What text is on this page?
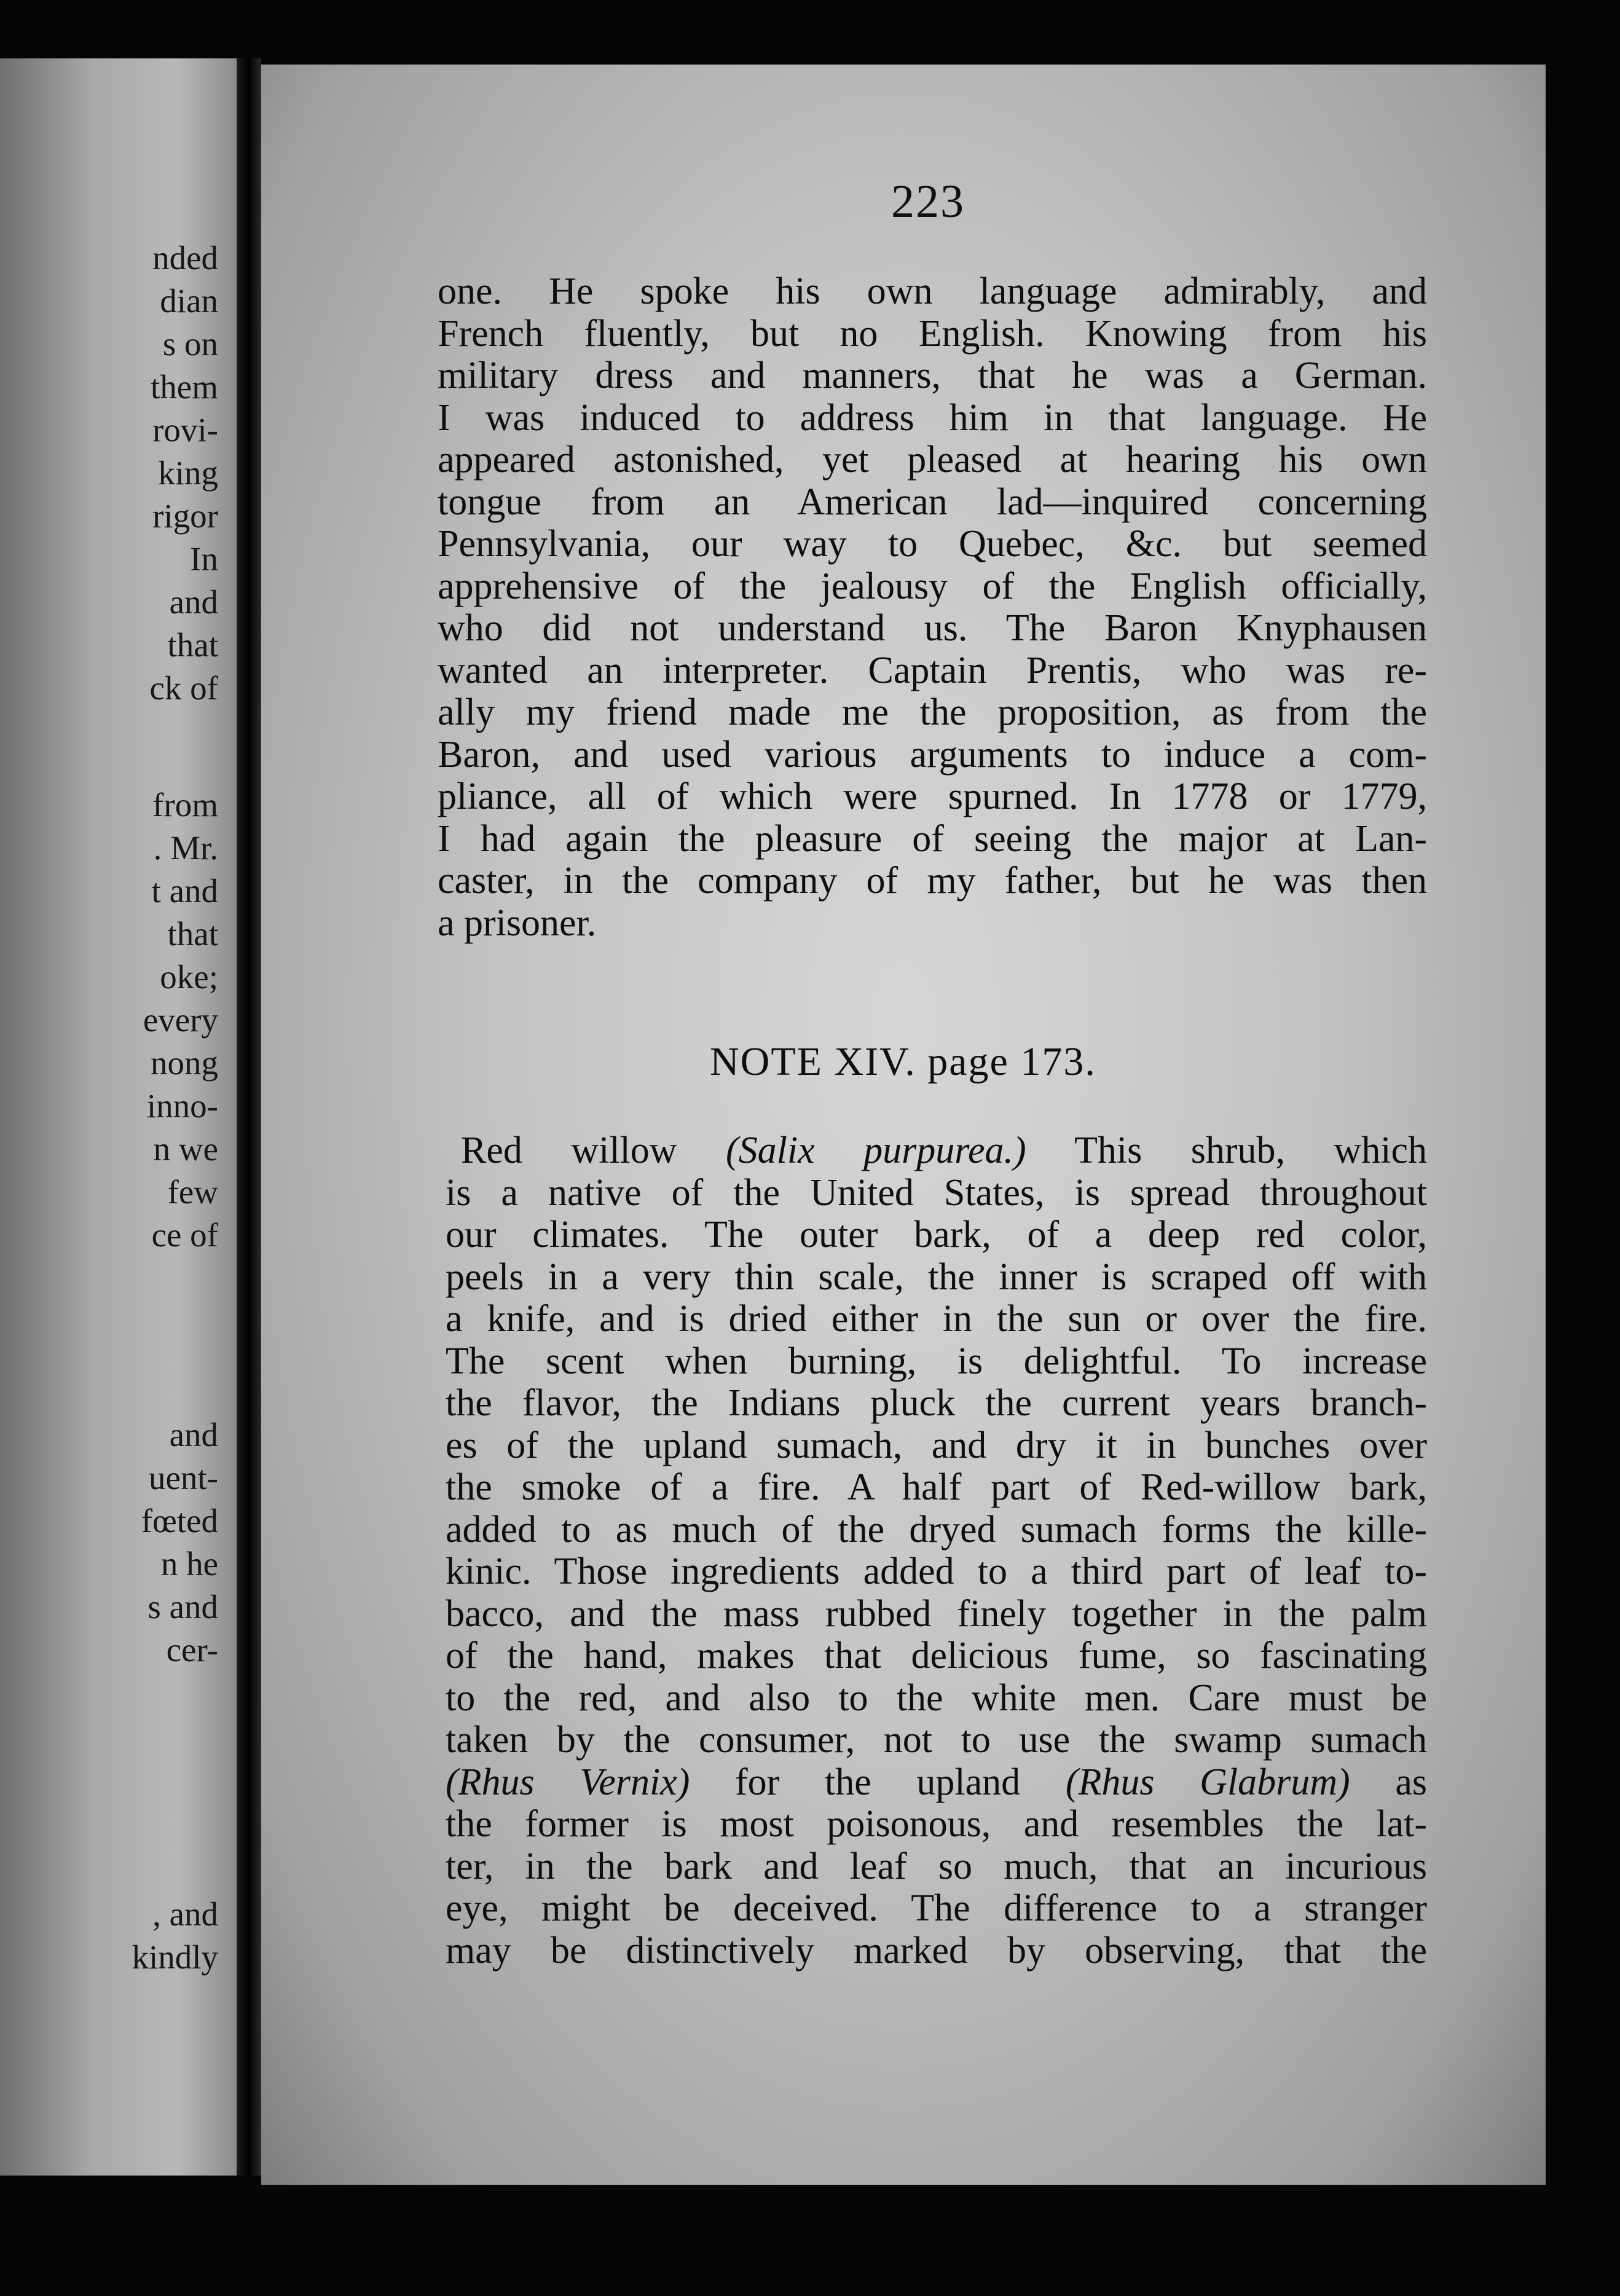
nded
dian
s on
them
rovi-
king
rigor
In
and
that
ck of
from
. Mr.
t and
that
oke;
every
nong
inno-
n we
few
ce of
and
uent-
fœted
n he
s and
cer-
, and
kindly
223
one. He spoke his own language admirably, and
French fluently, but no English. Knowing from his
military dress and manners, that he was a German.
I was induced to address him in that language. He
appeared astonished, yet pleased at hearing his own
tongue from an American lad—inquired concerning
Pennsylvania, our way to Quebec, &c. but seemed
apprehensive of the jealousy of the English officially,
who did not understand us. The Baron Knyphausen
wanted an interpreter. Captain Prentis, who was re-
ally my friend made me the proposition, as from the
Baron, and used various arguments to induce a com-
pliance, all of which were spurned. In 1778 or 1779,
I had again the pleasure of seeing the major at Lan-
caster, in the company of my father, but he was then
a prisoner.
NOTE XIV. page 173.
Red willow (Salix purpurea.) This shrub, which
is a native of the United States, is spread throughout
our climates. The outer bark, of a deep red color,
peels in a very thin scale, the inner is scraped off with
a knife, and is dried either in the sun or over the fire.
The scent when burning, is delightful. To increase
the flavor, the Indians pluck the current years branch-
es of the upland sumach, and dry it in bunches over
the smoke of a fire. A half part of Red-willow bark,
added to as much of the dryed sumach forms the kille-
kinic. Those ingredients added to a third part of leaf to-
bacco, and the mass rubbed finely together in the palm
of the hand, makes that delicious fume, so fascinating
to the red, and also to the white men. Care must be
taken by the consumer, not to use the swamp sumach
(Rhus Vernix) for the upland (Rhus Glabrum) as
the former is most poisonous, and resembles the lat-
ter, in the bark and leaf so much, that an incurious
eye, might be deceived. The difference to a stranger
may be distinctively marked by observing, that the
